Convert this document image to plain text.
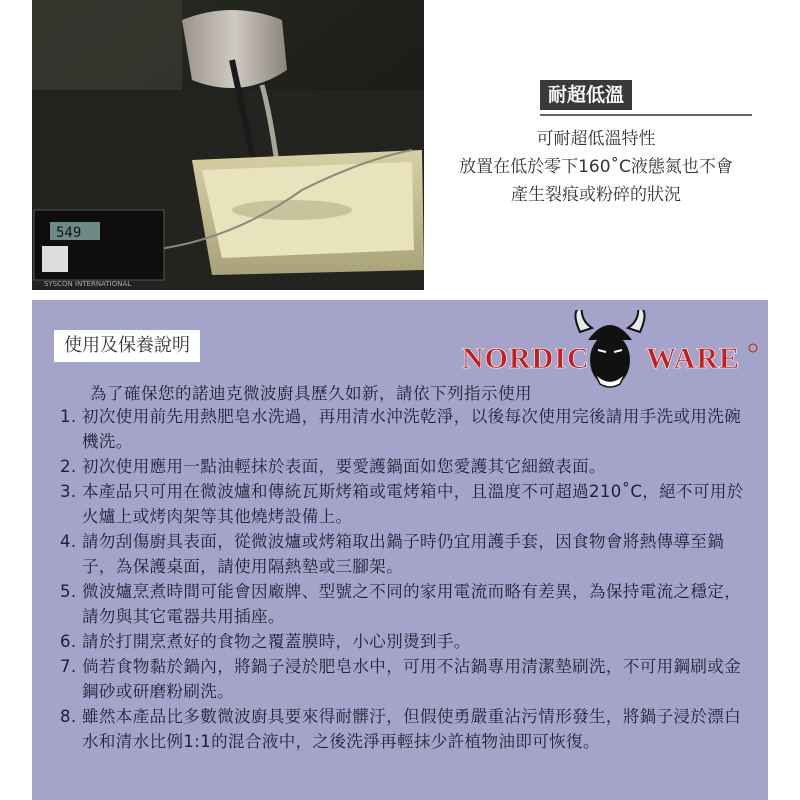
549
SYSCON INTERNATIONAL
耐超低溫
可耐超低溫特性
放置在低於零下160˚C液態氮也不會
產生裂痕或粉碎的狀況
使用及保養說明	NORDIC WARE
為了確保您的諾迪克微波廚具歷久如新，請依下列指示使用
1. 初次使用前先用熱肥皂水洗過，再用清水沖洗乾淨，以後每次使用完後請用手洗或用洗碗機洗。
2. 初次使用應用一點油輕抹於表面，要愛護鍋面如您愛護其它細緻表面。
3. 本產品只可用在微波爐和傳統瓦斯烤箱或電烤箱中，且溫度不可超過210˚C，絕不可用於火爐上或烤肉架等其他燒烤設備上。
4. 請勿刮傷廚具表面，從微波爐或烤箱取出鍋子時仍宜用護手套，因食物會將熱傳導至鍋子，為保護桌面，請使用隔熱墊或三腳架。
5. 微波爐烹煮時間可能會因廠牌、型號之不同的家用電流而略有差異，為保持電流之穩定，請勿與其它電器共用插座。
6. 請於打開烹煮好的食物之覆蓋膜時，小心別燙到手。
7. 倘若食物黏於鍋內，將鍋子浸於肥皂水中，可用不沾鍋專用清潔墊刷洗，不可用鋼刷或金鋼砂或研磨粉刷洗。
8. 雖然本產品比多數微波廚具要來得耐髒汙，但假使勇嚴重沾污情形發生，將鍋子浸於漂白水和清水比例1:1的混合液中，之後洗淨再輕抹少許植物油即可恢復。
